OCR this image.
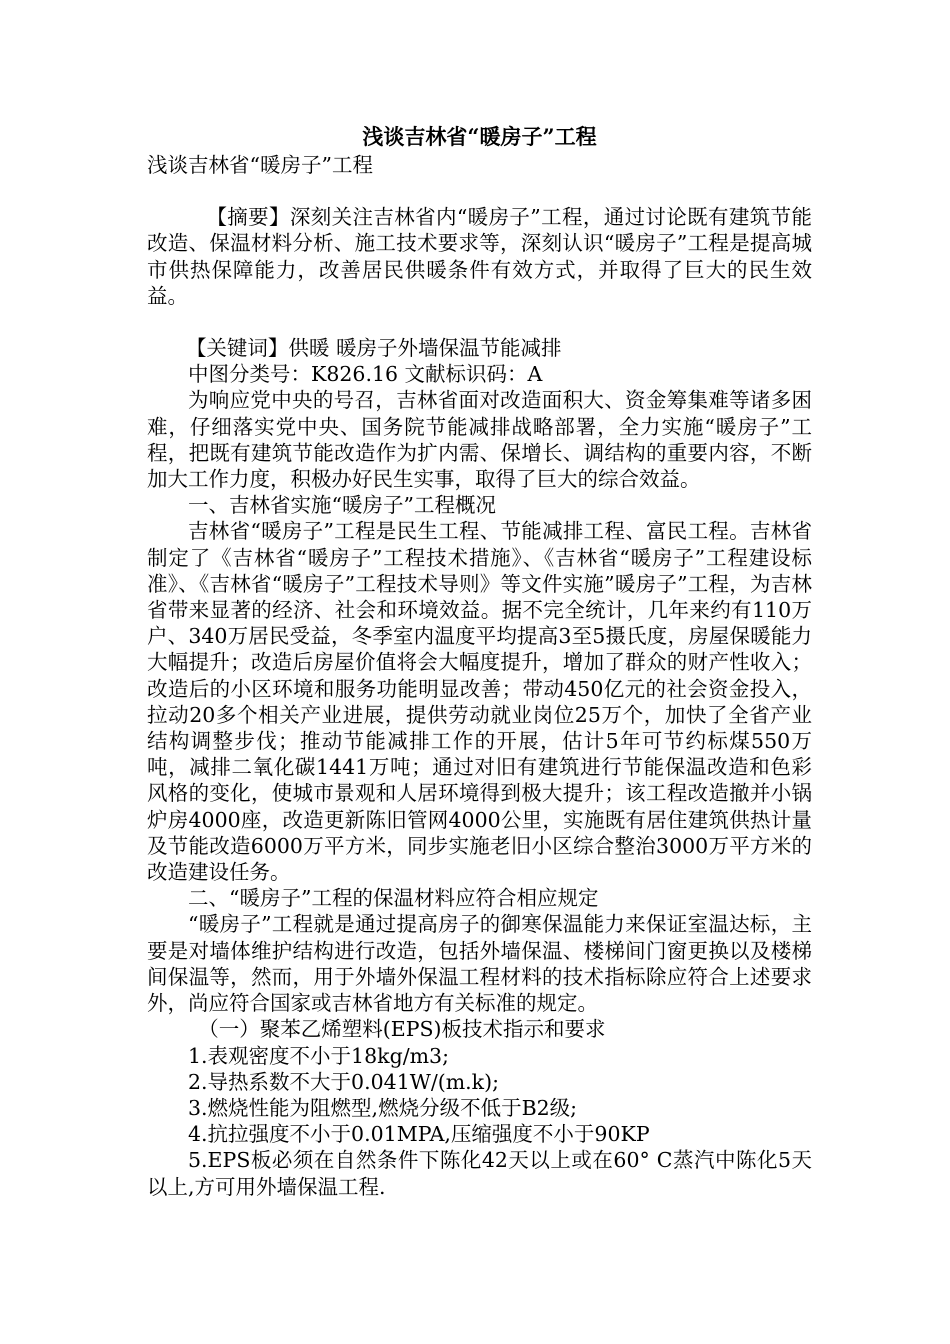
浅谈吉林省“暖房子”工程

浅谈吉林省“暖房子”工程

【摘要】深刻关注吉林省内“暖房子”工程，通过讨论既有建筑节能改造、保温材料分析、施工技术要求等，深刻认识“暖房子”工程是提高城市供热保障能力，改善居民供暖条件有效方式，并取得了巨大的民生效益。

【关键词】供暖 暖房子外墙保温节能减排

中图分类号：K826.16 文献标识码：A

为响应党中央的号召，吉林省面对改造面积大、资金筹集难等诸多困难，仔细落实党中央、国务院节能减排战略部署，全力实施“暖房子”工程，把既有建筑节能改造作为扩内需、保增长、调结构的重要内容，不断加大工作力度，积极办好民生实事，取得了巨大的综合效益。

一、吉林省实施“暖房子”工程概况

吉林省“暖房子”工程是民生工程、节能减排工程、富民工程。吉林省制定了《吉林省“暖房子”工程技术措施》、《吉林省“暖房子”工程建设标准》、《吉林省“暖房子”工程技术导则》等文件实施”暖房子”工程，为吉林省带来显著的经济、社会和环境效益。据不完全统计，几年来约有110万户、340万居民受益，冬季室内温度平均提高3至5摄氏度，房屋保暖能力大幅提升；改造后房屋价值将会大幅度提升，增加了群众的财产性收入；改造后的小区环境和服务功能明显改善；带动450亿元的社会资金投入，拉动20多个相关产业进展，提供劳动就业岗位25万个，加快了全省产业结构调整步伐；推动节能减排工作的开展，估计5年可节约标煤550万吨，减排二氧化碳1441万吨；通过对旧有建筑进行节能保温改造和色彩风格的变化，使城市景观和人居环境得到极大提升；该工程改造撤并小锅炉房4000座，改造更新陈旧管网4000公里，实施既有居住建筑供热计量及节能改造6000万平方米，同步实施老旧小区综合整治3000万平方米的改造建设任务。

二、“暖房子”工程的保温材料应符合相应规定

“暖房子”工程就是通过提高房子的御寒保温能力来保证室温达标，主要是对墙体维护结构进行改造，包括外墙保温、楼梯间门窗更换以及楼梯间保温等，然而，用于外墙外保温工程材料的技术指标除应符合上述要求外，尚应符合国家或吉林省地方有关标准的规定。

（一）聚苯乙烯塑料(EPS)板技术指示和要求

1.表观密度不小于18kg/m3;

2.导热系数不大于0.041W/(m.k);

3.燃烧性能为阻燃型,燃烧分级不低于B2级;

4.抗拉强度不小于0.01MPA,压缩强度不小于90KP

5.EPS板必须在自然条件下陈化42天以上或在60° C蒸汽中陈化5天以上,方可用外墙保温工程.
